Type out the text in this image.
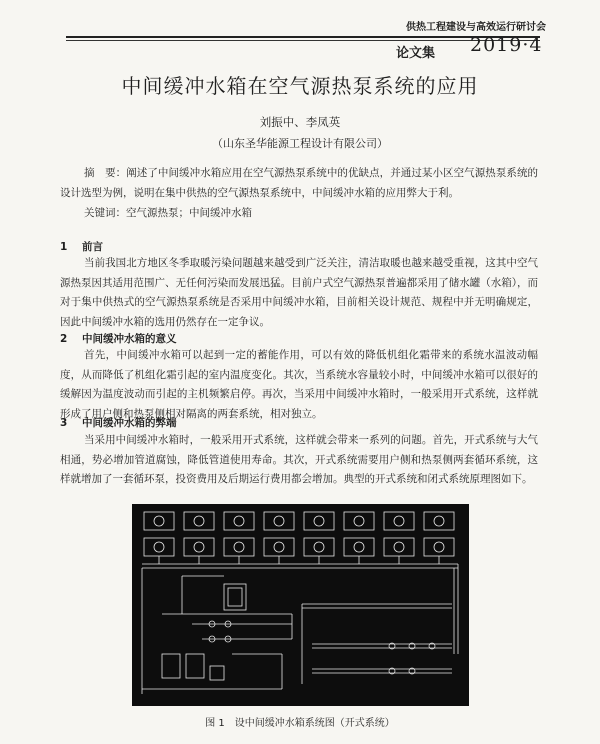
供热工程建设与高效运行研讨会
论文集 2019·4
中间缓冲水箱在空气源热泵系统的应用
刘振中、李凤英
（山东圣华能源工程设计有限公司）
摘　要：阐述了中间缓冲水箱应用在空气源热泵系统中的优缺点，并通过某小区空气源热泵系统的设计选型为例，说明在集中供热的空气源热泵系统中，中间缓冲水箱的应用弊大于利。
关键词：空气源热泵；中间缓冲水箱
1 前言
当前我国北方地区冬季取暖污染问题越来越受到广泛关注，清洁取暖也越来越受重视，这其中空气源热泵因其适用范围广、无任何污染而发展迅猛。目前户式空气源热泵普遍都采用了储水罐（水箱），而对于集中供热式的空气源热泵系统是否采用中间缓冲水箱，目前相关设计规范、规程中并无明确规定，因此中间缓冲水箱的选用仍然存在一定争议。
2 中间缓冲水箱的意义
首先，中间缓冲水箱可以起到一定的蓄能作用，可以有效的降低机组化霜带来的系统水温波动幅度，从而降低了机组化霜引起的室内温度变化。其次，当系统水容量较小时，中间缓冲水箱可以很好的缓解因为温度波动而引起的主机频繁启停。再次，当采用中间缓冲水箱时，一般采用开式系统，这样就形成了用户侧和热泵侧相对隔离的两套系统，相对独立。
3 中间缓冲水箱的弊端
当采用中间缓冲水箱时，一般采用开式系统，这样就会带来一系列的问题。首先，开式系统与大气相通，势必增加管道腐蚀，降低管道使用寿命。其次，开式系统需要用户侧和热泵侧两套循环系统，这样就增加了一套循环泵，投资费用及后期运行费用都会增加。典型的开式系统和闭式系统原理图如下。
图 1　设中间缓冲水箱系统图（开式系统）
